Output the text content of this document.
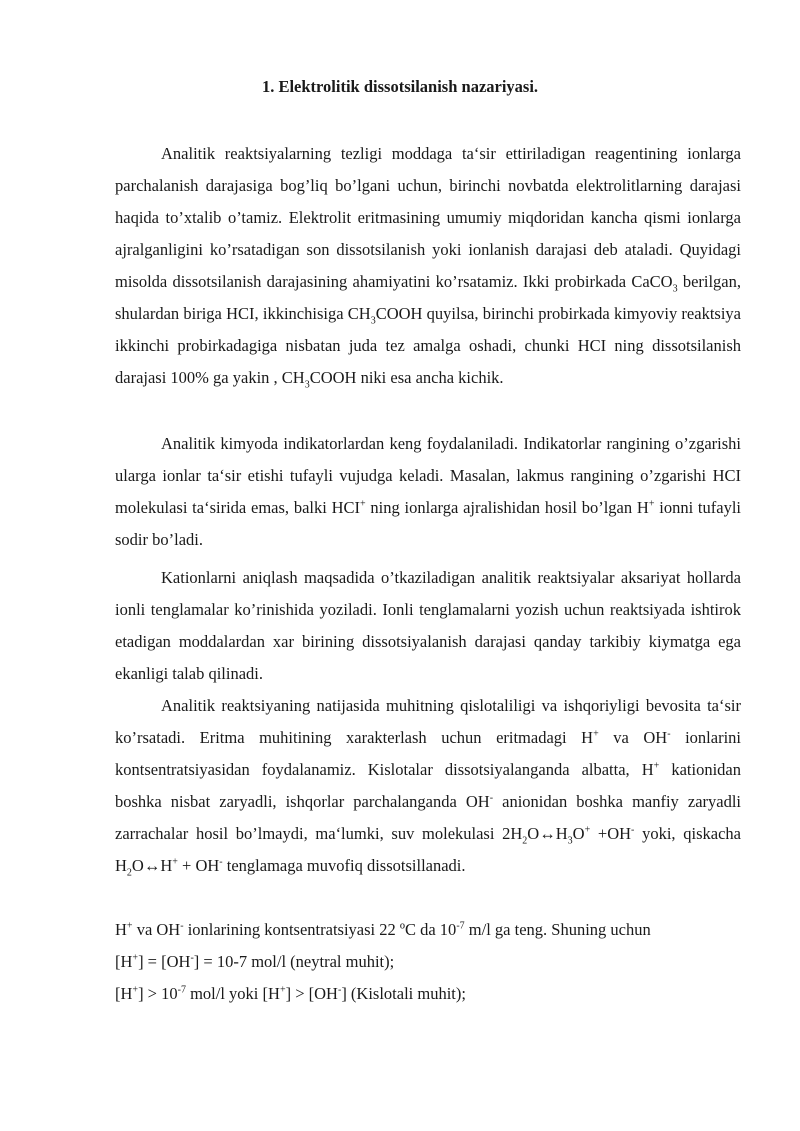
1. Elektrolitik dissotsilanish nazariyasi.

Analitik reaktsiyalarning tezligi moddaga ta‘sir ettiriladigan reagentining ionlarga parchalanish darajasiga bog’liq bo’lgani uchun, birinchi novbatda elektrolitlarning darajasi haqida to’xtalib o’tamiz. Elektrolit eritmasining umumiy miqdoridan kancha qismi ionlarga ajralganligini ko’rsatadigan son dissotsilanish yoki ionlanish darajasi deb ataladi. Quyidagi misolda dissotsilanish darajasining ahamiyatini ko’rsatamiz. Ikki probirkada CaCO$_3$ berilgan, shulardan biriga HCI, ikkinchisiga $CH_3COOH$ quyilsa, birinchi probirkada kimyoviy reaktsiya ikkinchi probirkadagiga nisbatan juda tez amalga oshadi, chunki HCI ning dissotsilanish darajasi 100% ga yakin , $CH_3COOH$ niki esa ancha kichik.

Analitik kimyoda indikatorlardan keng foydalaniladi. Indikatorlar rangining o’zgarishi ularga ionlar ta‘sir etishi tufayli vujudga keladi. Masalan, lakmus rangining o’zgarishi HCI molekulasi ta‘sirida emas, balki HCI+ ning ionlarga ajralishidan hosil bo’lgan H+ ionni tufayli sodir bo’ladi.

Kationlarni aniqlash maqsadida o’tkaziladigan analitik reaktsiyalar aksariyat hollarda ionli tenglamalar ko’rinishida yoziladi. Ionli tenglamalarni yozish uchun reaktsiyada ishtirok etadigan moddalardan xar birining dissotsiyalanish darajasi qanday tarkibiy kiymatga ega ekanligi talab qilinadi.

Analitik reaktsiyaning natijasida muhitning qislotaliligi va ishqoriyligi bevosita ta‘sir ko’rsatadi. Eritma muhitining xarakterlash uchun eritmadagi H+ va OH- ionlarini kontsentratsiyasidan foydalanamiz. Kislotalar dissotsiyalanganda albatta, H+ kationidan boshka nisbat zaryadli, ishqorlar parchalanganda OH- anionidan boshka manfiy zaryadli zarrachalar hosil bo’lmaydi, ma‘lumki, suv molekulasi $2H_2O\leftrightarrow H_3O^+ +OH^-$ yoki, qiskacha $H_2O\leftrightarrow H^+ + OH^-$ tenglamaga muvofiq dissotsillanadi.

H+ va OH- ionlarining kontsentratsiyasi 22 ºC da $10^{-7}$ m/l ga teng. Shuning uchun

[H+] = [OH-] = 10-7 mol/l (neytral muhit);

$[H^+] > 10^{-7}$ mol/l yoki [H+] > [OH-] (Kislotali muhit);
